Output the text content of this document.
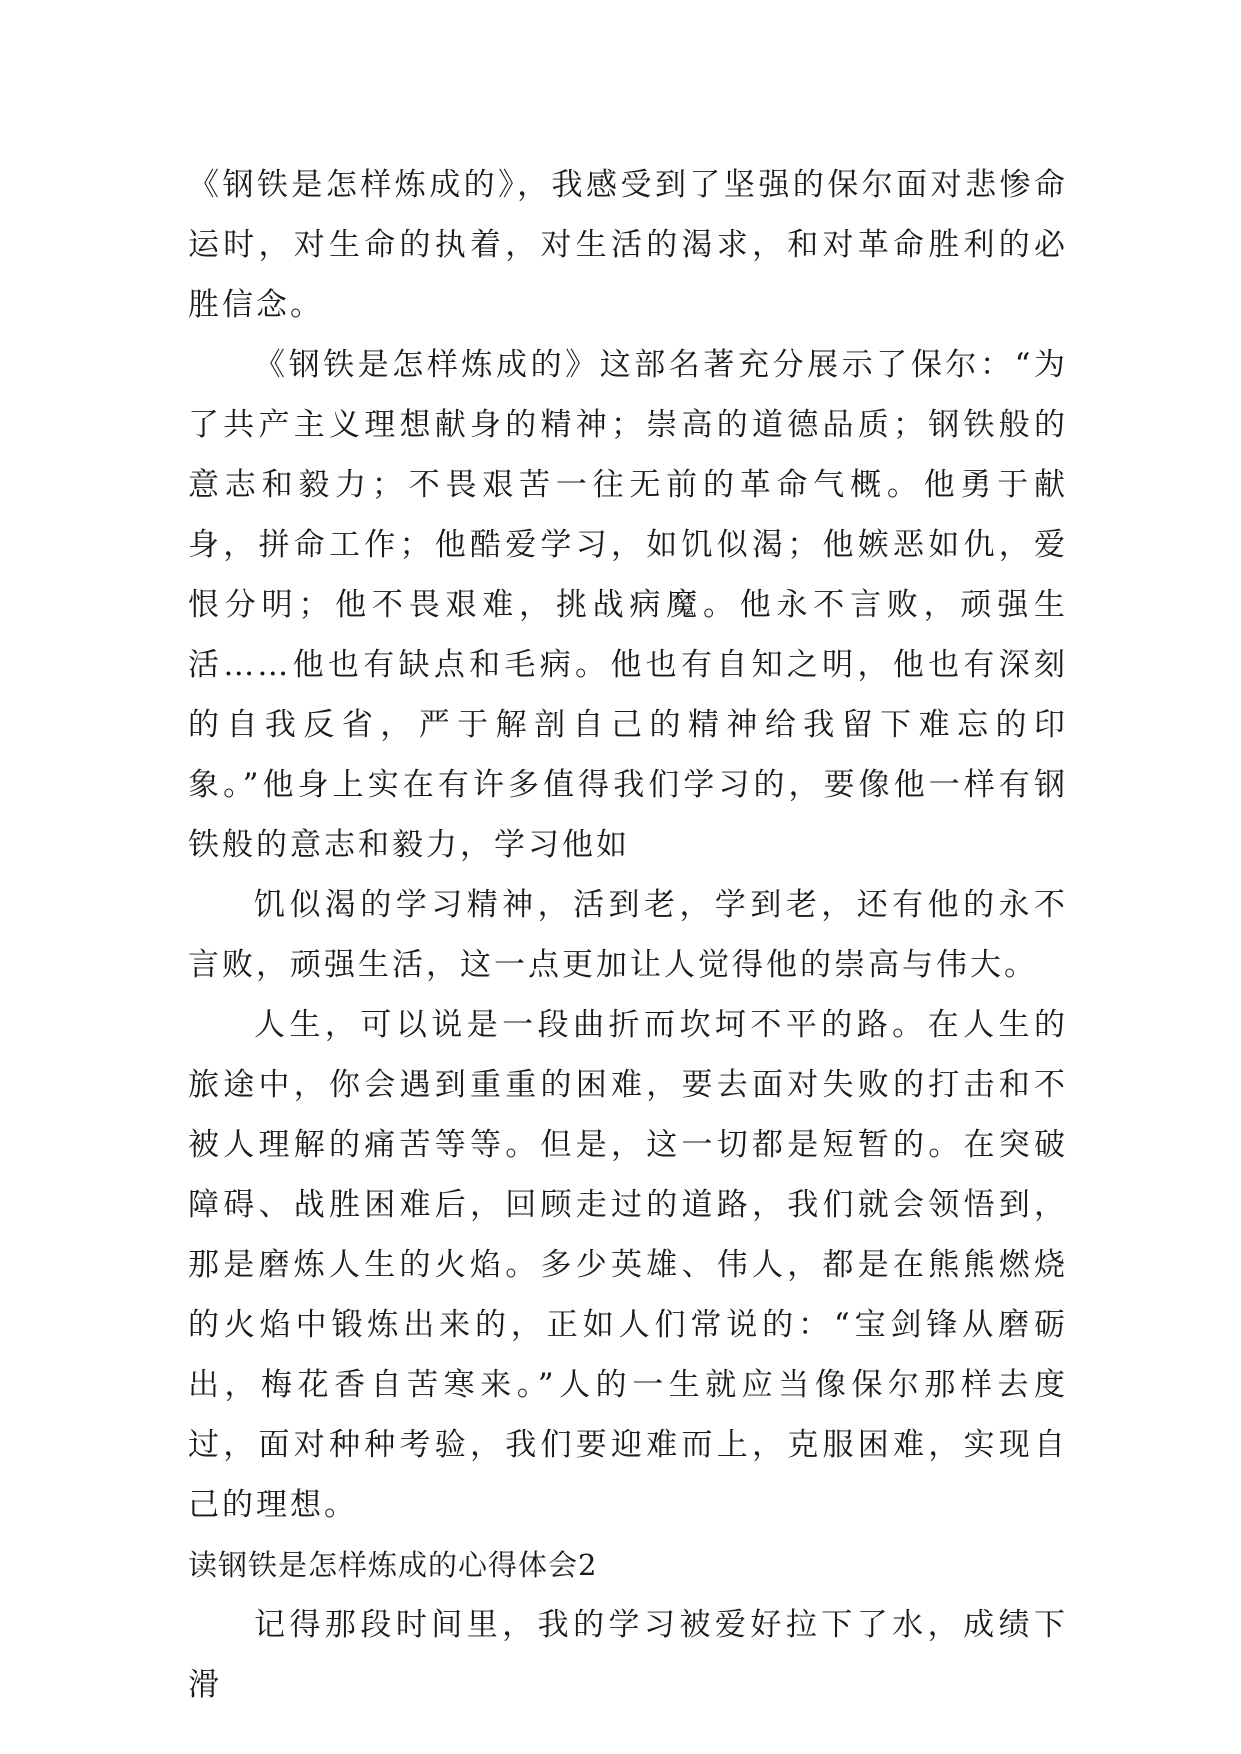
《钢铁是怎样炼成的》，我感受到了坚强的保尔面对悲惨命运时，对生命的执着，对生活的渴求，和对革命胜利的必胜信念。

《钢铁是怎样炼成的》这部名著充分展示了保尔：“为了共产主义理想献身的精神；崇高的道德品质；钢铁般的意志和毅力；不畏艰苦一往无前的革命气概。他勇于献身，拼命工作；他酷爱学习，如饥似渴；他嫉恶如仇，爱恨分明；他不畏艰难，挑战病魔。他永不言败，顽强生活……他也有缺点和毛病。他也有自知之明，他也有深刻的自我反省，严于解剖自己的精神给我留下难忘的印象。”他身上实在有许多值得我们学习的，要像他一样有钢铁般的意志和毅力，学习他如

饥似渴的学习精神，活到老，学到老，还有他的永不言败，顽强生活，这一点更加让人觉得他的崇高与伟大。

人生，可以说是一段曲折而坎坷不平的路。在人生的旅途中，你会遇到重重的困难，要去面对失败的打击和不被人理解的痛苦等等。但是，这一切都是短暂的。在突破障碍、战胜困难后，回顾走过的道路，我们就会领悟到，那是磨炼人生的火焰。多少英雄、伟人，都是在熊熊燃烧的火焰中锻炼出来的，正如人们常说的：“宝剑锋从磨砺出，梅花香自苦寒来。”人的一生就应当像保尔那样去度过，面对种种考验，我们要迎难而上，克服困难，实现自己的理想。

读钢铁是怎样炼成的心得体会2

记得那段时间里，我的学习被爱好拉下了水，成绩下滑
